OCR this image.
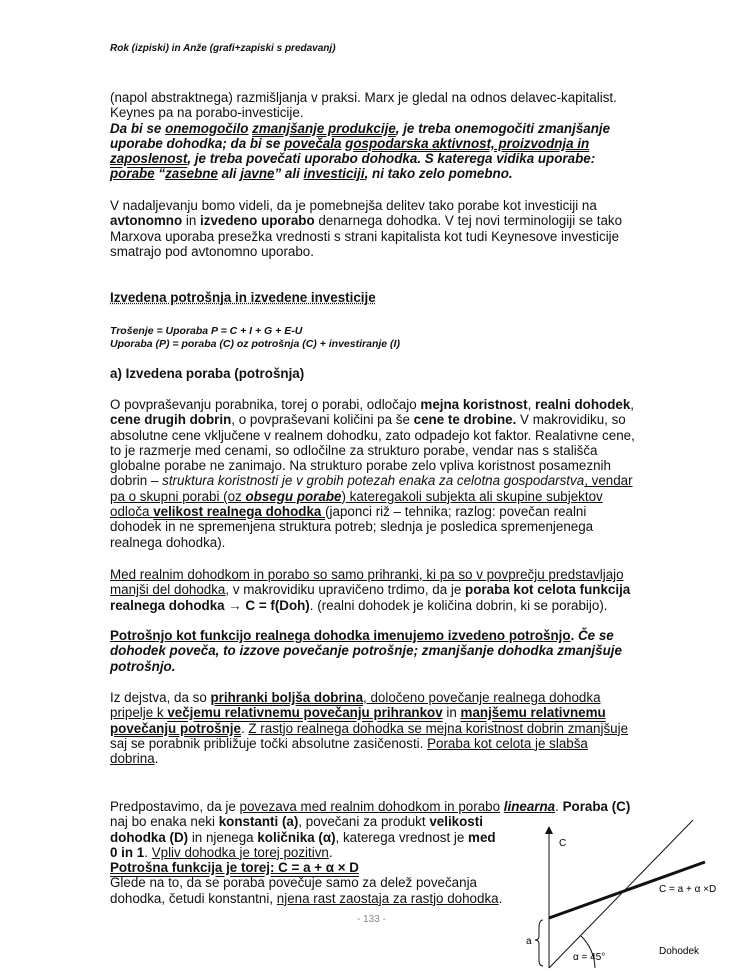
Rok (izpiski) in Anže (grafi+zapiski s predavanj)
(napol abstraktnega) razmišljanja v praksi. Marx je gledal na odnos delavec-kapitalist.
Keynes pa na porabo-investicije.
Da bi se onemogočilo zmanjšanje produkcije, je treba onemogočiti zmanjšanje
uporabe dohodka; da bi se povečala gospodarska aktivnost, proizvodnja in
zaposlenost, je treba povečati uporabo dohodka. S katerega vidika uporabe:
porabe “zasebne ali javne” ali investiciji, ni tako zelo pomebno.
V nadaljevanju bomo videli, da je pomebnejša delitev tako porabe kot investiciji na
avtonomno in izvedeno uporabo denarnega dohodka. V tej novi terminologiji se tako
Marxova uporaba presežka vrednosti s strani kapitalista kot tudi Keynesove investicije
smatrajo pod avtonomno uporabo.
Izvedena potrošnja in izvedene investicije
Trošenje = Uporaba P = C + I + G + E-U
Uporaba (P) = poraba (C) oz potrošnja (C) + investiranje (I)
a) Izvedena poraba (potrošnja)
O povpraševanju porabnika, torej o porabi, odločajo mejna koristnost, realni dohodek,
cene drugih dobrin, o povpraševani količini pa še cene te drobine. V makrovidiku, so
absolutne cene vključene v realnem dohodku, zato odpadejo kot faktor. Realativne cene,
to je razmerje med cenami, so odločilne za strukturo porabe, vendar nas s stališča
globalne porabe ne zanimajo. Na strukturo porabe zelo vpliva koristnost posameznih
dobrin – struktura koristnosti je v grobih potezah enaka za celotna gospodarstva, vendar
pa o skupni porabi (oz obsegu porabe) kateregakoli subjekta ali skupine subjektov
odloča velikost realnega dohodka (japonci riž – tehnika; razlog: povečan realni
dohodek in ne spremenjena struktura potreb; slednja je posledica spremenjenega
realnega dohodka).
Med realnim dohodkom in porabo so samo prihranki, ki pa so v povprečju predstavljajo
manjši del dohodka, v makrovidiku upravičeno trdimo, da je poraba kot celota funkcija
realnega dohodka → C = f(Doh). (realni dohodek je količina dobrin, ki se porabijo).
Potrošnjo kot funkcijo realnega dohodka imenujemo izvedeno potrošnjo. Če se
dohodek poveča, to izzove povečanje potrošnje; zmanjšanje dohodka zmanjšuje
potrošnjo.
Iz dejstva, da so prihranki boljša dobrina, določeno povečanje realnega dohodka
pripelje k večjemu relativnemu povečanju prihrankov in manjšemu relativnemu
povečanju potrošnje. Z rastjo realnega dohodka se mejna koristnost dobrin zmanjšuje
saj se porabnik približuje točki absolutne zasičenosti. Poraba kot celota je slabša
dobrina.
Predpostavimo, da je povezava med realnim dohodkom in porabo linearna. Poraba (C)
naj bo enaka neki konstanti (a), povečani za produkt velikosti
dohodka (D) in njenega količnika (α), katerega vrednost je med
0 in 1. Vpliv dohodka je torej pozitivn.
Potrošna funkcija je torej: C = a + α × D
Glede na to, da se poraba povečuje samo za delež povečanja
dohodka, četudi konstantni, njena rast zaostaja za rastjo dohodka.
- 133 -
C
C = a + α ×D
a
α = 45°
Dohodek
